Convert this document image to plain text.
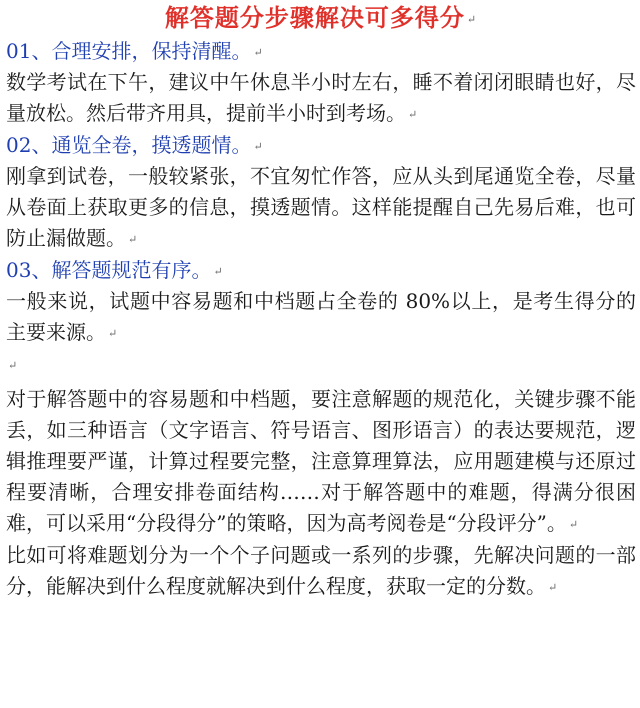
解答题分步骤解决可多得分 ↵
01、合理安排，保持清醒。 ↵
数学考试在下午，建议中午休息半小时左右，睡不着闭闭眼睛也好，尽量放松。然后带齐用具，提前半小时到考场。 ↵
02、通览全卷，摸透题情。 ↵
刚拿到试卷，一般较紧张，不宜匆忙作答，应从头到尾通览全卷，尽量从卷面上获取更多的信息，摸透题情。这样能提醒自己先易后难，也可防止漏做题。 ↵
03、解答题规范有序。 ↵
一般来说，试题中容易题和中档题占全卷的 80%以上，是考生得分的主要来源。 ↵
↵
对于解答题中的容易题和中档题，要注意解题的规范化，关键步骤不能丢，如三种语言（文字语言、符号语言、图形语言）的表达要规范，逻辑推理要严谨，计算过程要完整，注意算理算法，应用题建模与还原过程要清晰，合理安排卷面结构……对于解答题中的难题，得满分很困难，可以采用“分段得分”的策略，因为高考阅卷是“分段评分”。 ↵
比如可将难题划分为一个个子问题或一系列的步骤，先解决问题的一部分，能解决到什么程度就解决到什么程度，获取一定的分数。 ↵
